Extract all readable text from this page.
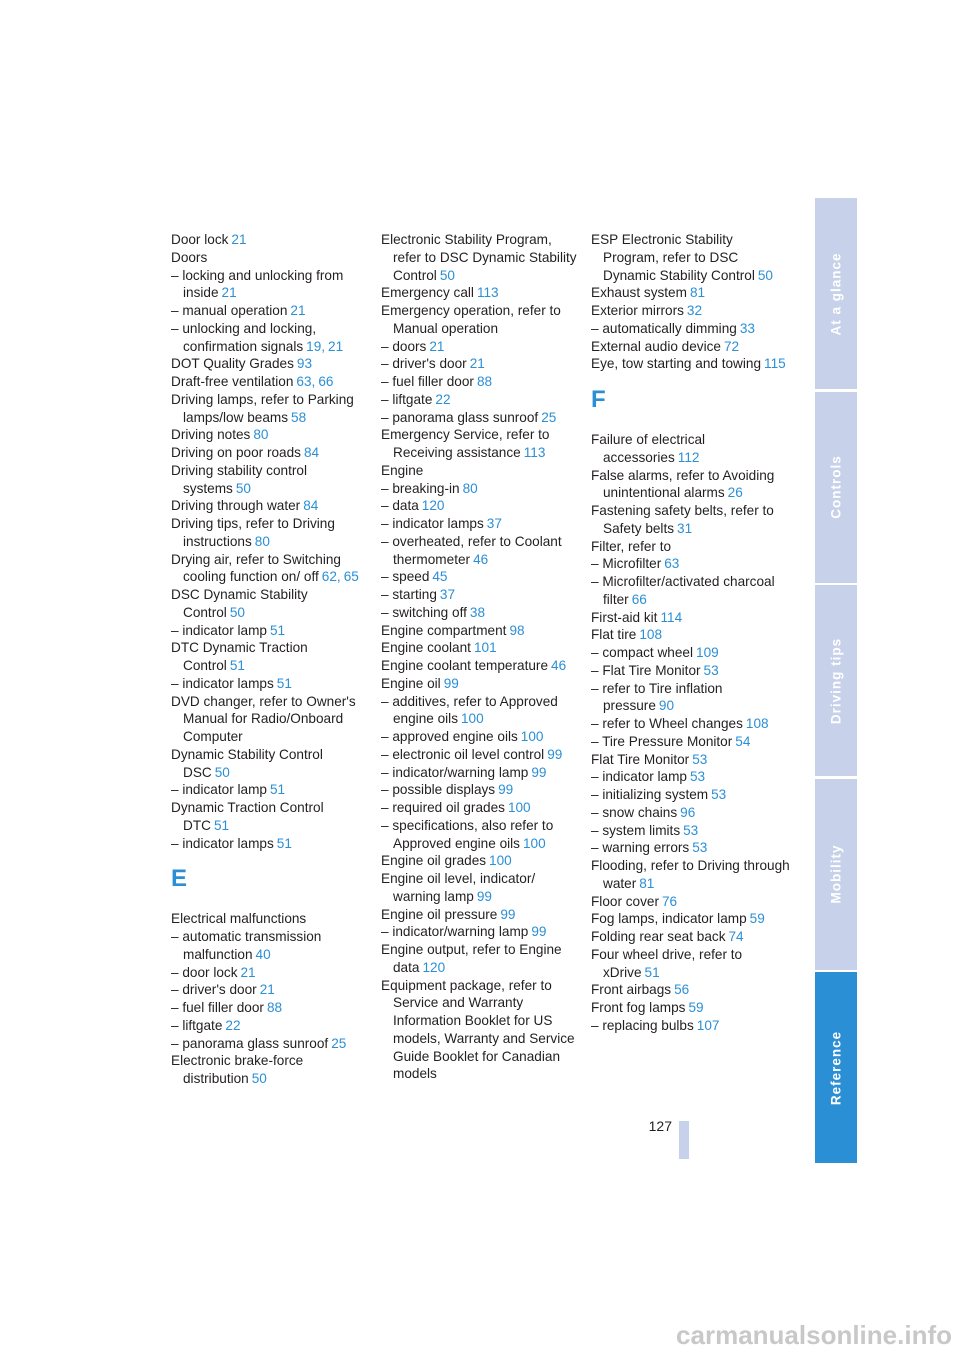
Door lock 21

Doors

– locking and unlocking from inside 21

– manual operation 21

– unlocking and locking, confirmation signals 19, 21

DOT Quality Grades 93

Draft-free ventilation 63, 66

Driving lamps, refer to Parking lamps/low beams 58

Driving notes 80

Driving on poor roads 84

Driving stability control systems 50

Driving through water 84

Driving tips, refer to Driving instructions 80

Drying air, refer to Switching cooling function on/ off 62, 65

DSC Dynamic Stability Control 50

– indicator lamp 51

DTC Dynamic Traction Control 51

– indicator lamps 51

DVD changer, refer to Owner's Manual for Radio/Onboard Computer

Dynamic Stability Control DSC 50

– indicator lamp 51

Dynamic Traction Control DTC 51

– indicator lamps 51

E

Electrical malfunctions

– automatic transmission malfunction 40

– door lock 21

– driver's door 21

– fuel filler door 88

– liftgate 22

– panorama glass sunroof 25

Electronic brake-force distribution 50

Electronic Stability Program, refer to DSC Dynamic Stability Control 50

Emergency call 113

Emergency operation, refer to Manual operation

– doors 21

– driver's door 21

– fuel filler door 88

– liftgate 22

– panorama glass sunroof 25

Emergency Service, refer to Receiving assistance 113

Engine

– breaking-in 80

– data 120

– indicator lamps 37

– overheated, refer to Coolant thermometer 46

– speed 45

– starting 37

– switching off 38

Engine compartment 98

Engine coolant 101

Engine coolant temperature 46

Engine oil 99

– additives, refer to Approved engine oils 100

– approved engine oils 100

– electronic oil level control 99

– indicator/warning lamp 99

– possible displays 99

– required oil grades 100

– specifications, also refer to Approved engine oils 100

Engine oil grades 100

Engine oil level, indicator/ warning lamp 99

Engine oil pressure 99

– indicator/warning lamp 99

Engine output, refer to Engine data 120

Equipment package, refer to Service and Warranty Information Booklet for US models, Warranty and Service Guide Booklet for Canadian models

ESP Electronic Stability Program, refer to DSC Dynamic Stability Control 50

Exhaust system 81

Exterior mirrors 32

– automatically dimming 33

External audio device 72

Eye, tow starting and towing 115

F

Failure of electrical accessories 112

False alarms, refer to Avoiding unintentional alarms 26

Fastening safety belts, refer to Safety belts 31

Filter, refer to

– Microfilter 63

– Microfilter/activated charcoal filter 66

First-aid kit 114

Flat tire 108

– compact wheel 109

– Flat Tire Monitor 53

– refer to Tire inflation pressure 90

– refer to Wheel changes 108

– Tire Pressure Monitor 54

Flat Tire Monitor 53

– indicator lamp 53

– initializing system 53

– snow chains 96

– system limits 53

– warning errors 53

Flooding, refer to Driving through water 81

Floor cover 76

Fog lamps, indicator lamp 59

Folding rear seat back 74

Four wheel drive, refer to xDrive 51

Front airbags 56

Front fog lamps 59

– replacing bulbs 107

At a glance
Controls
Driving tips
Mobility
Reference
127
carmanualsonline.info
